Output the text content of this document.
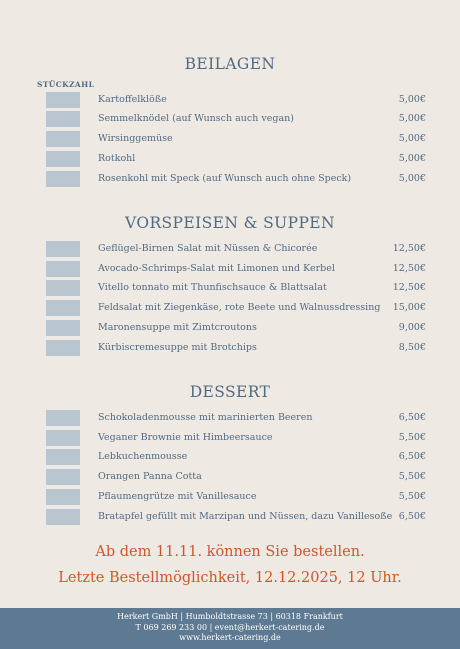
BEILAGEN
STÜCKZAHL
Kartoffelklöße	5,00€
Semmelknödel (auf Wunsch auch vegan)	5,00€
Wirsinggemüse	5,00€
Rotkohl	5,00€
Rosenkohl mit Speck (auf Wunsch auch ohne Speck)	5,00€
VORSPEISEN & SUPPEN
Geflügel-Birnen Salat mit Nüssen & Chicorée	12,50€
Avocado-Schrimps-Salat mit Limonen und Kerbel	12,50€
Vitello tonnato mit Thunfischsauce & Blattsalat	12,50€
Feldsalat mit Ziegenkäse, rote Beete und Walnussdressing 15,00€
Maronensuppe mit Zimtcroutons	9,00€
Kürbiscremesuppe mit Brotchips	8,50€
DESSERT
Schokoladenmousse mit marinierten Beeren	6,50€
Veganer Brownie mit Himbeersauce	5,50€
Lebkuchenmousse	6,50€
Orangen Panna Cotta	5,50€
Pflaumengrütze mit Vanillesauce	5,50€
Bratapfel gefüllt mit Marzipan und Nüssen, dazu Vanillesoße 6,50€
Ab dem 11.11. können Sie bestellen.
Letzte Bestellmöglichkeit, 12.12.2025, 12 Uhr.
Herkert GmbH | Humboldtstrasse 73 | 60318 Frankfurt
T 069 269 233 00 | event@herkert-catering.de
www.herkert-catering.de
